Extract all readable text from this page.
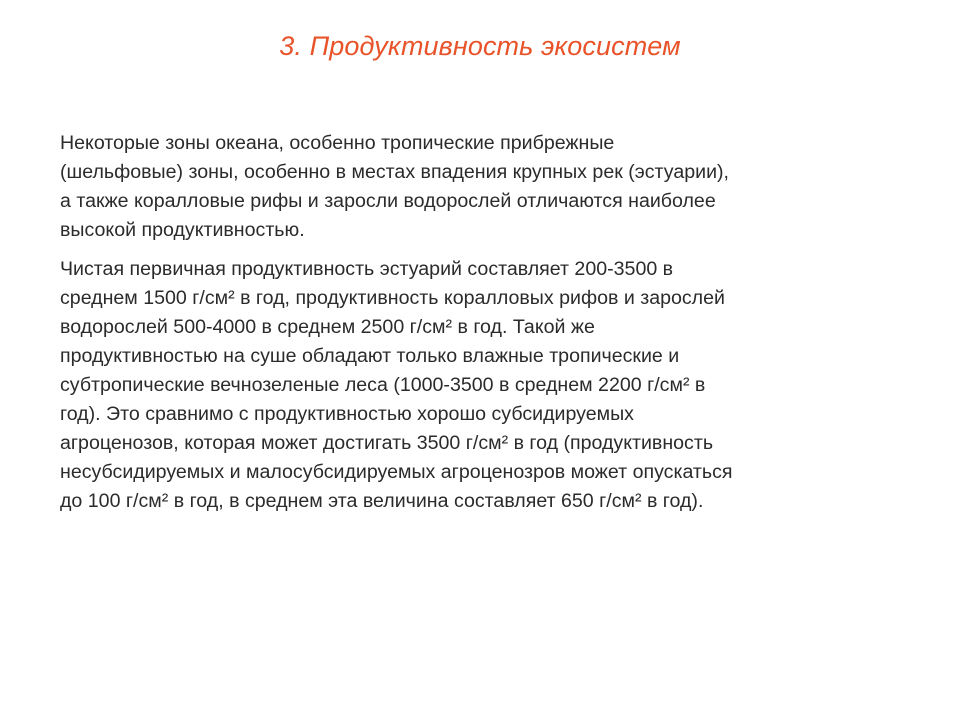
3. Продуктивность экосистем

Некоторые зоны океана, особенно тропические прибрежные
(шельфовые) зоны, особенно в местах впадения крупных рек (эстуарии),
а также коралловые рифы и заросли водорослей отличаются наиболее
высокой продуктивностью.

Чистая первичная продуктивность эстуарий составляет 200-3500 в
среднем 1500 г/см² в год, продуктивность коралловых рифов и зарослей
водорослей 500-4000 в среднем 2500 г/см² в год. Такой же
продуктивностью на суше обладают только влажные тропические и
субтропические вечнозеленые леса (1000-3500 в среднем 2200 г/см² в
год). Это сравнимо с продуктивностью хорошо субсидируемых
агроценозов, которая может достигать 3500 г/см² в год (продуктивность
несубсидируемых и малосубсидируемых агроценозров может опускаться
до 100 г/см² в год, в среднем эта величина составляет 650 г/см² в год).
